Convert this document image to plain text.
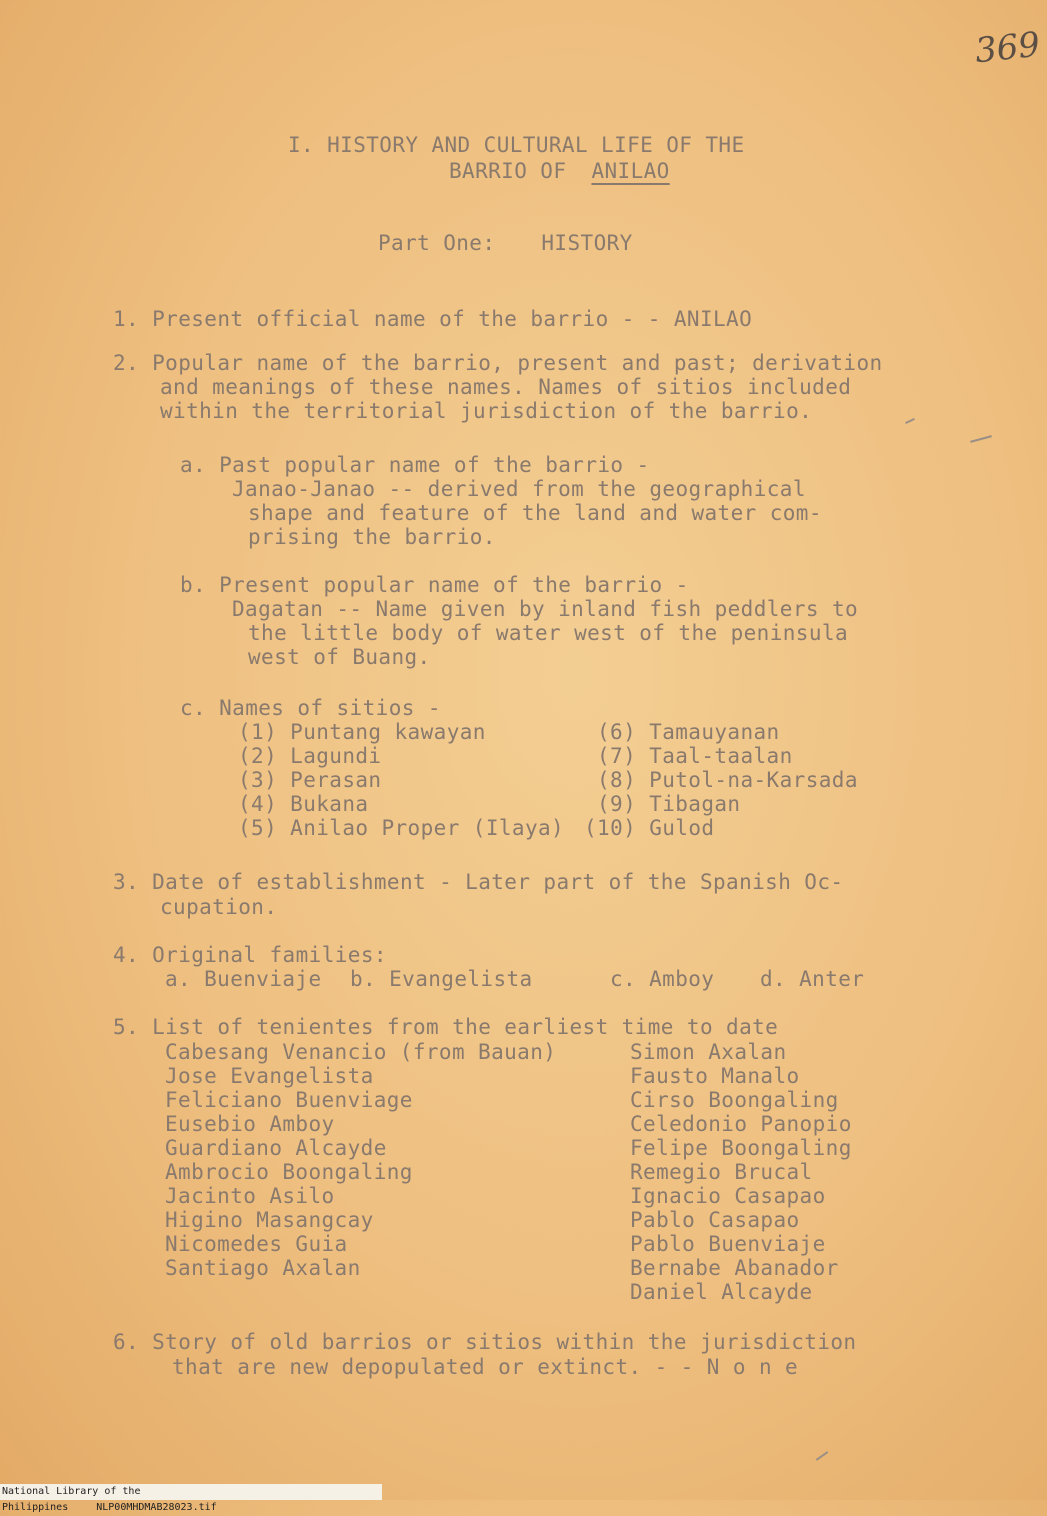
369
I. HISTORY AND CULTURAL LIFE OF THE
BARRIO OF ANILAO
Part One: HISTORY
1. Present official name of the barrio - - ANILAO
2. Popular name of the barrio, present and past; derivation
and meanings of these names. Names of sitios included
within the territorial jurisdiction of the barrio.
a. Past popular name of the barrio -
Janao-Janao -- derived from the geographical
shape and feature of the land and water com-
prising the barrio.
b. Present popular name of the barrio -
Dagatan -- Name given by inland fish peddlers to
the little body of water west of the peninsula
west of Buang.
c. Names of sitios -
(1) Puntang kawayan
(2) Lagundi
(3) Perasan
(4) Bukana
(5) Anilao Proper (Ilaya)
(6) Tamauyanan
(7) Taal-taalan
(8) Putol-na-Karsada
(9) Tibagan
(10) Gulod
3. Date of establishment - Later part of the Spanish Oc-
cupation.
4. Original families:
a. Buenviaje b. Evangelista	c. Amboy d. Anter
5. List of tenientes from the earliest time to date
Cabesang Venancio (from Bauan)
Jose Evangelista
Feliciano Buenviage
Eusebio Amboy
Guardiano Alcayde
Ambrocio Boongaling
Jacinto Asilo
Higino Masangcay
Nicomedes Guia
Santiago Axalan
Simon Axalan
Fausto Manalo
Cirso Boongaling
Celedonio Panopio
Felipe Boongaling
Remegio Brucal
Ignacio Casapao
Pablo Casapao
Pablo Buenviaje
Bernabe Abanador
Daniel Alcayde
6. Story of old barrios or sitios within the jurisdiction
that are new depopulated or extinct. - - N o n e
National Library of the Philippines	NLP00MHDMAB28023.tif
